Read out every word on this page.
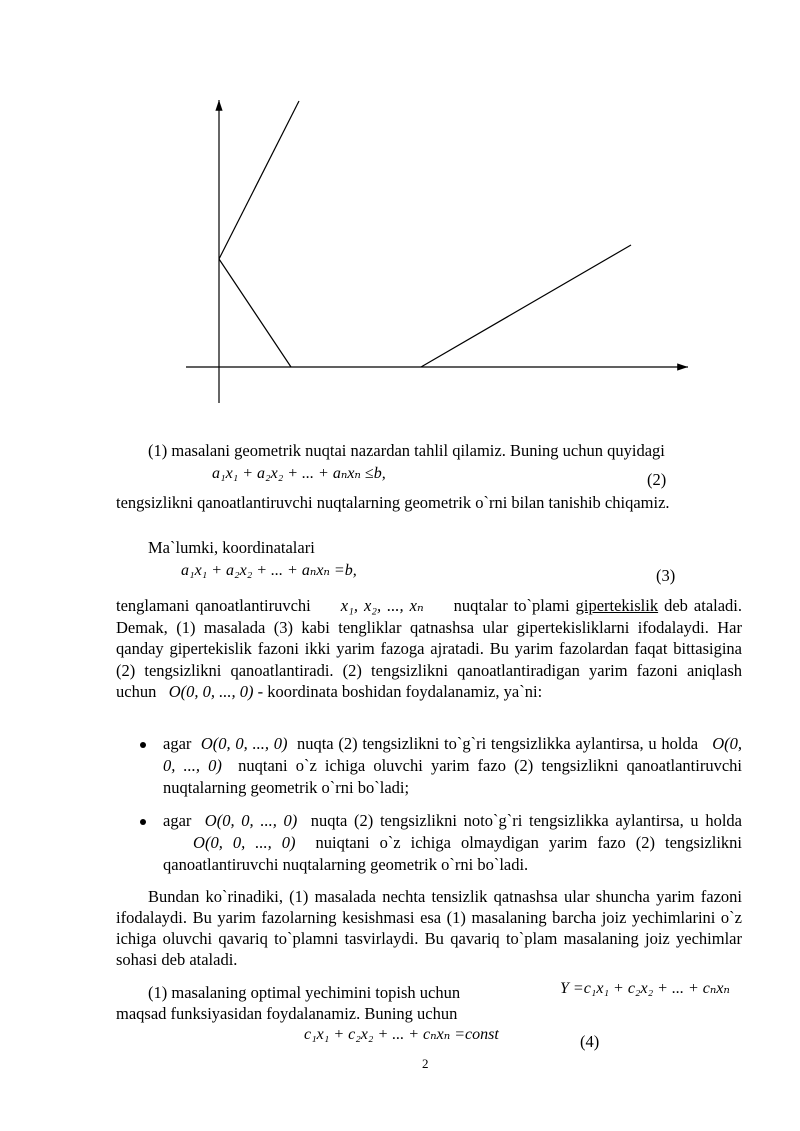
(1) masalani geometrik nuqtai nazardan tahlil qilamiz. Buning uchun quyidagi

a₁x₁ + a₂x₂ + ... + aₙxₙ ≤b,	(2)

tengsizlikni qanoatlantiruvchi nuqtalarning geometrik o`rni bilan tanishib chiqamiz.

Ma`lumki, koordinatalari

a₁x₁ + a₂x₂ + ... + aₙxₙ =b,	(3)

tenglamani qanoatlantiruvchi x₁, x₂, ..., xₙ nuqtalar to`plami gipertekislik deb ataladi. Demak, (1) masalada (3) kabi tengliklar qatnashsa ular gipertekisliklarni ifodalaydi. Har qanday gipertekislik fazoni ikki yarim fazoga ajratadi. Bu yarim fazolardan faqat bittasigina (2) tengsizlikni qanoatlantiradi. (2) tengsizlikni qanoatlantiradigan yarim fazoni aniqlash uchun O(0, 0, ..., 0) - koordinata boshidan foydalanamiz, ya`ni:

agar O(0, 0, ..., 0) nuqta (2) tengsizlikni to`g`ri tengsizlikka aylantirsa, u holda O(0, 0, ..., 0) nuqtani o`z ichiga oluvchi yarim fazo (2) tengsizlikni qanoatlantiruvchi nuqtalarning geometrik o`rni bo`ladi;

agar O(0, 0, ..., 0) nuqta (2) tengsizlikni noto`g`ri tengsizlikka aylantirsa, u holda    O(0, 0, ..., 0) nuiqtani o`z ichiga olmaydigan yarim fazo (2) tengsizlikni qanoatlantiruvchi nuqtalarning geometrik o`rni bo`ladi.

Bundan ko`rinadiki, (1) masalada nechta tensizlik qatnashsa ular shuncha yarim fazoni ifodalaydi. Bu yarim fazolarning kesishmasi esa (1) masalaning barcha joiz yechimlarini o`z ichiga oluvchi qavariq to`plamni tasvirlaydi. Bu qavariq to`plam masalaning joiz yechimlar sohasi deb ataladi.

(1) masalaning optimal yechimini topish uchun	Y =c₁x₁ + c₂x₂ + ... + cₙxₙ

maqsad funksiyasidan foydalanamiz. Buning uchun

c₁x₁ + c₂x₂ + ... + cₙxₙ =const	(4)
2
